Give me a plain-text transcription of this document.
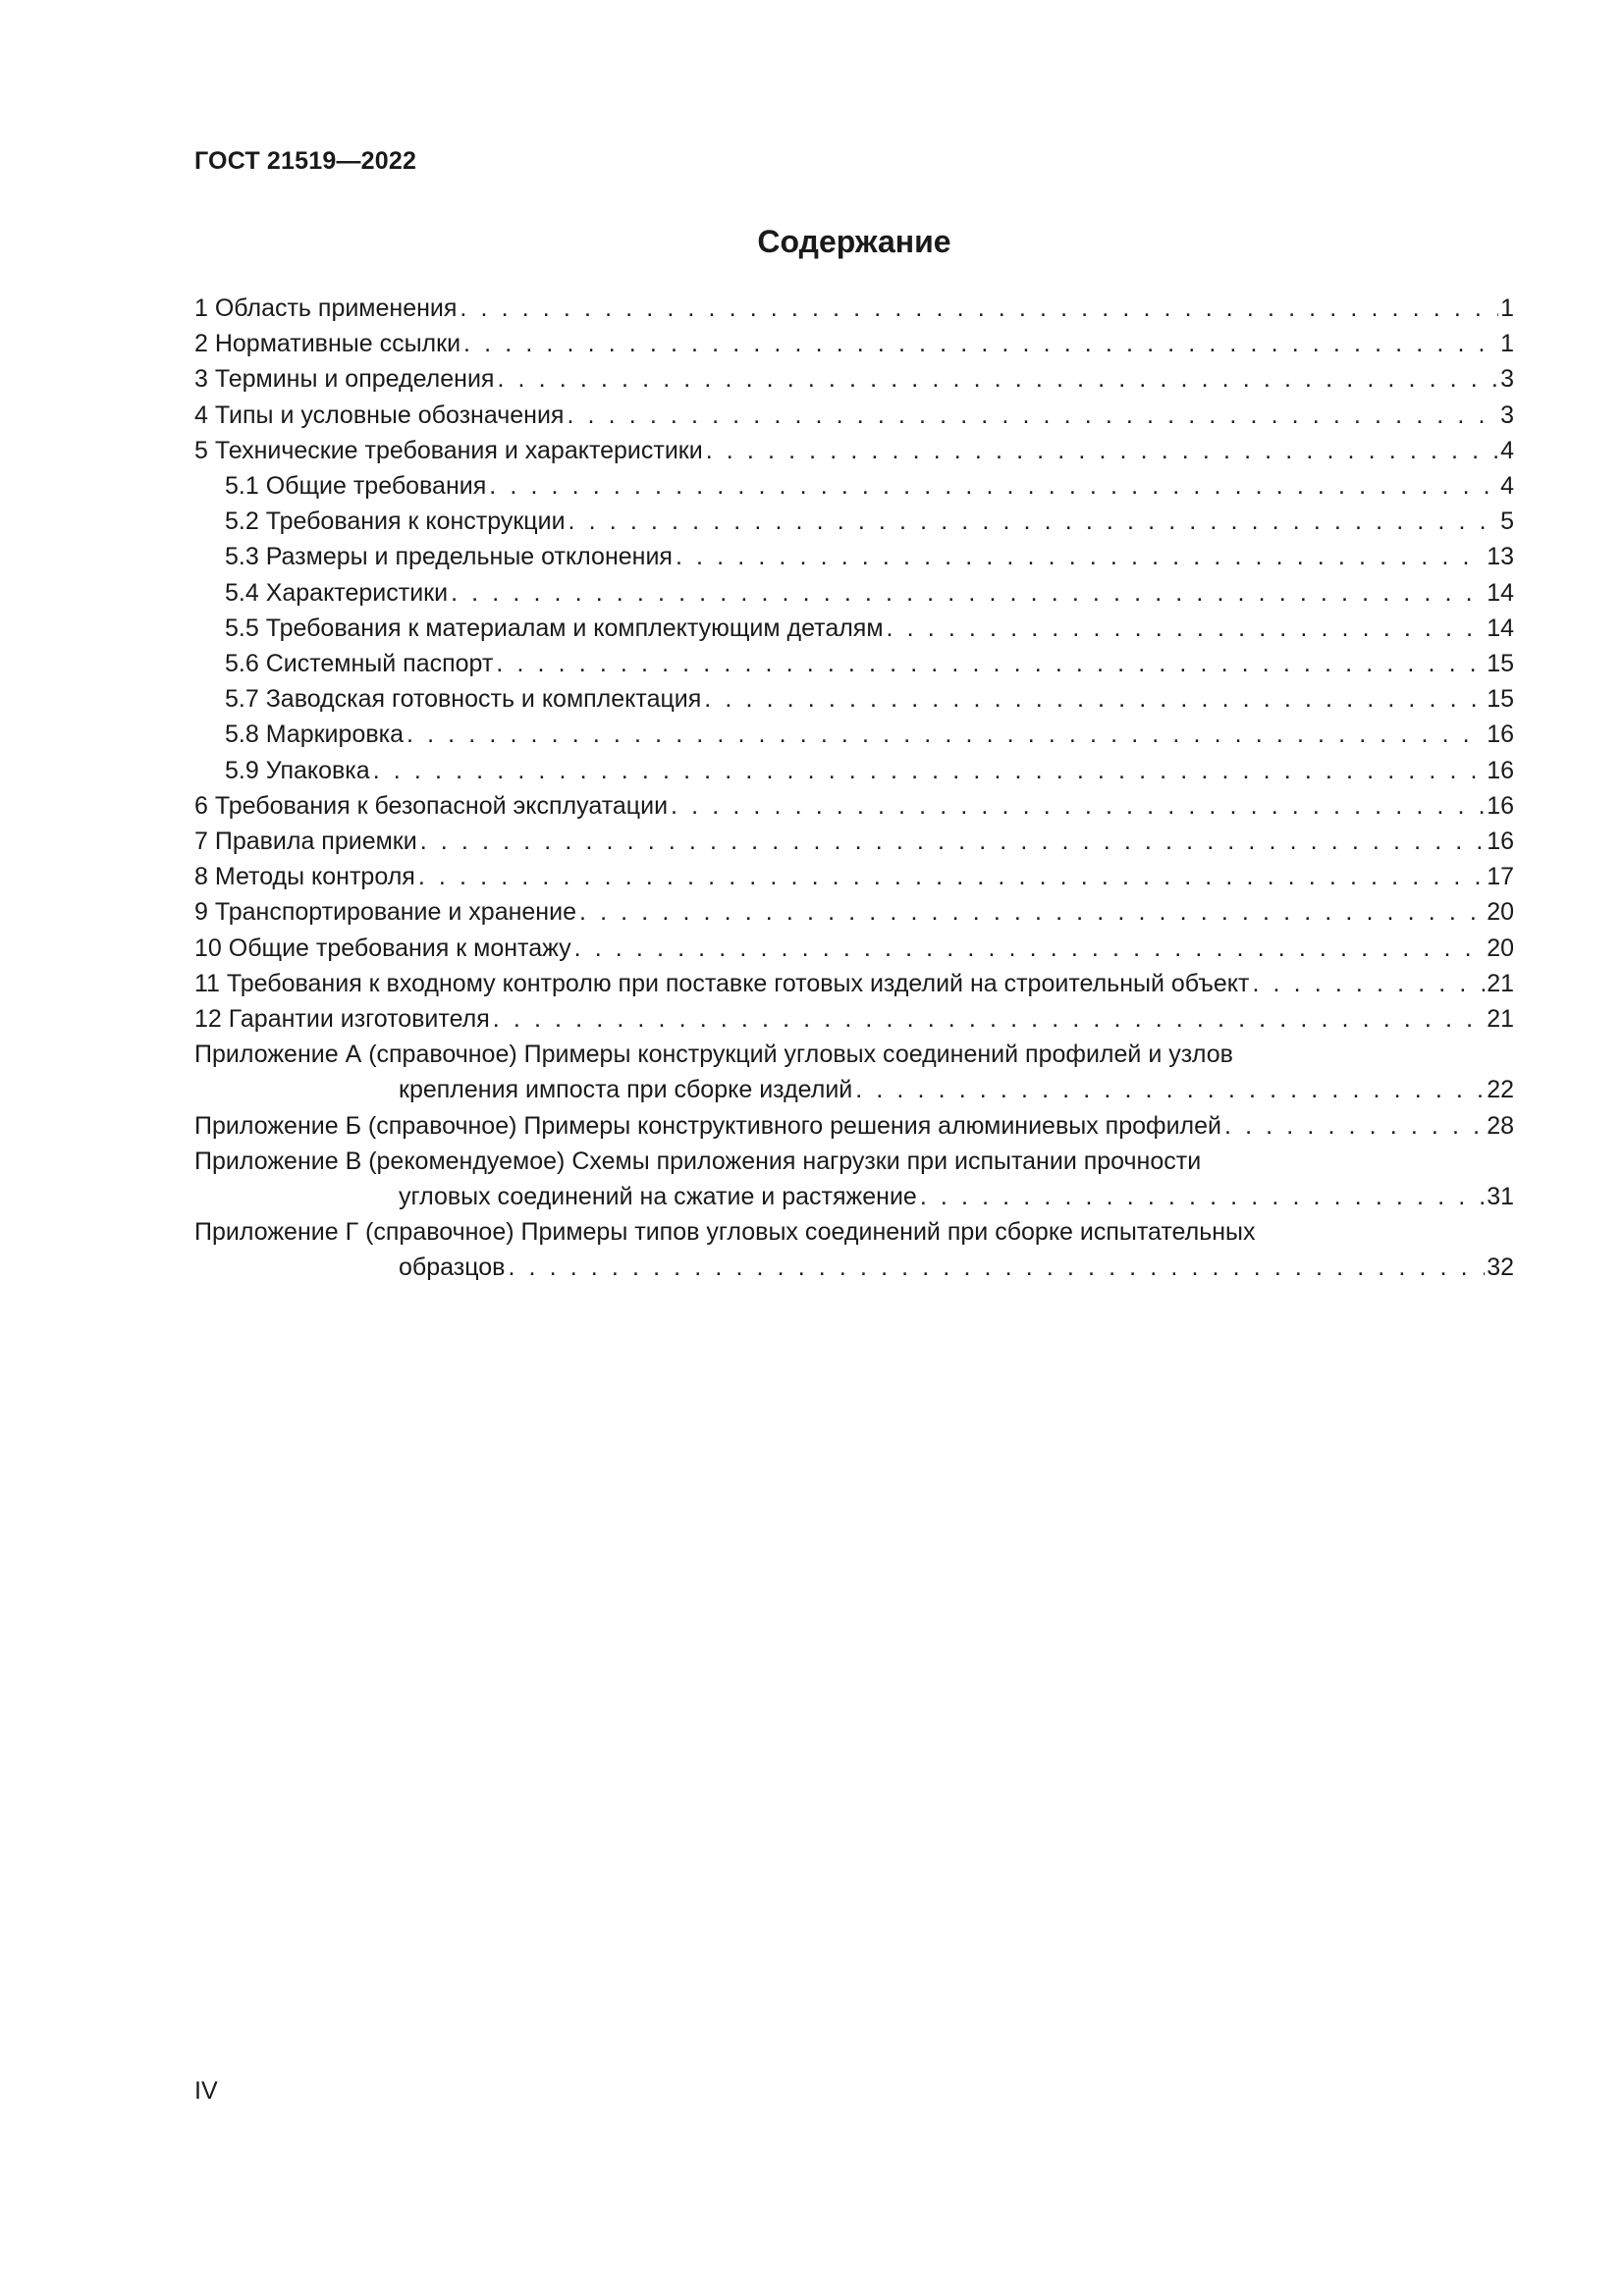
ГОСТ 21519—2022
Содержание
1 Область применения . . .	1
2 Нормативные ссылки . . .	1
3 Термины и определения . . .	3
4 Типы и условные обозначения . . .	3
5 Технические требования и характеристики . . .	4
5.1 Общие требования . . .	4
5.2 Требования к конструкции . . .	5
5.3 Размеры и предельные отклонения . . .	13
5.4 Характеристики . . .	14
5.5 Требования к материалам и комплектующим деталям . . .	14
5.6 Системный паспорт . . .	15
5.7 Заводская готовность и комплектация . . .	15
5.8 Маркировка . . .	16
5.9 Упаковка . . .	16
6 Требования к безопасной эксплуатации . . .	16
7 Правила приемки . . .	16
8 Методы контроля . . .	17
9 Транспортирование и хранение . . .	20
10 Общие требования к монтажу . . .	20
11 Требования к входному контролю при поставке готовых изделий на строительный объект . . .	21
12 Гарантии изготовителя . . .	21
Приложение А (справочное) Примеры конструкций угловых соединений профилей и узлов
крепления импоста при сборке изделий . . .	22
Приложение Б (справочное) Примеры конструктивного решения алюминиевых профилей . . .	28
Приложение В (рекомендуемое) Схемы приложения нагрузки при испытании прочности
угловых соединений на сжатие и растяжение . . .	31
Приложение Г (справочное) Примеры типов угловых соединений при сборке испытательных
образцов . . .	32
IV
